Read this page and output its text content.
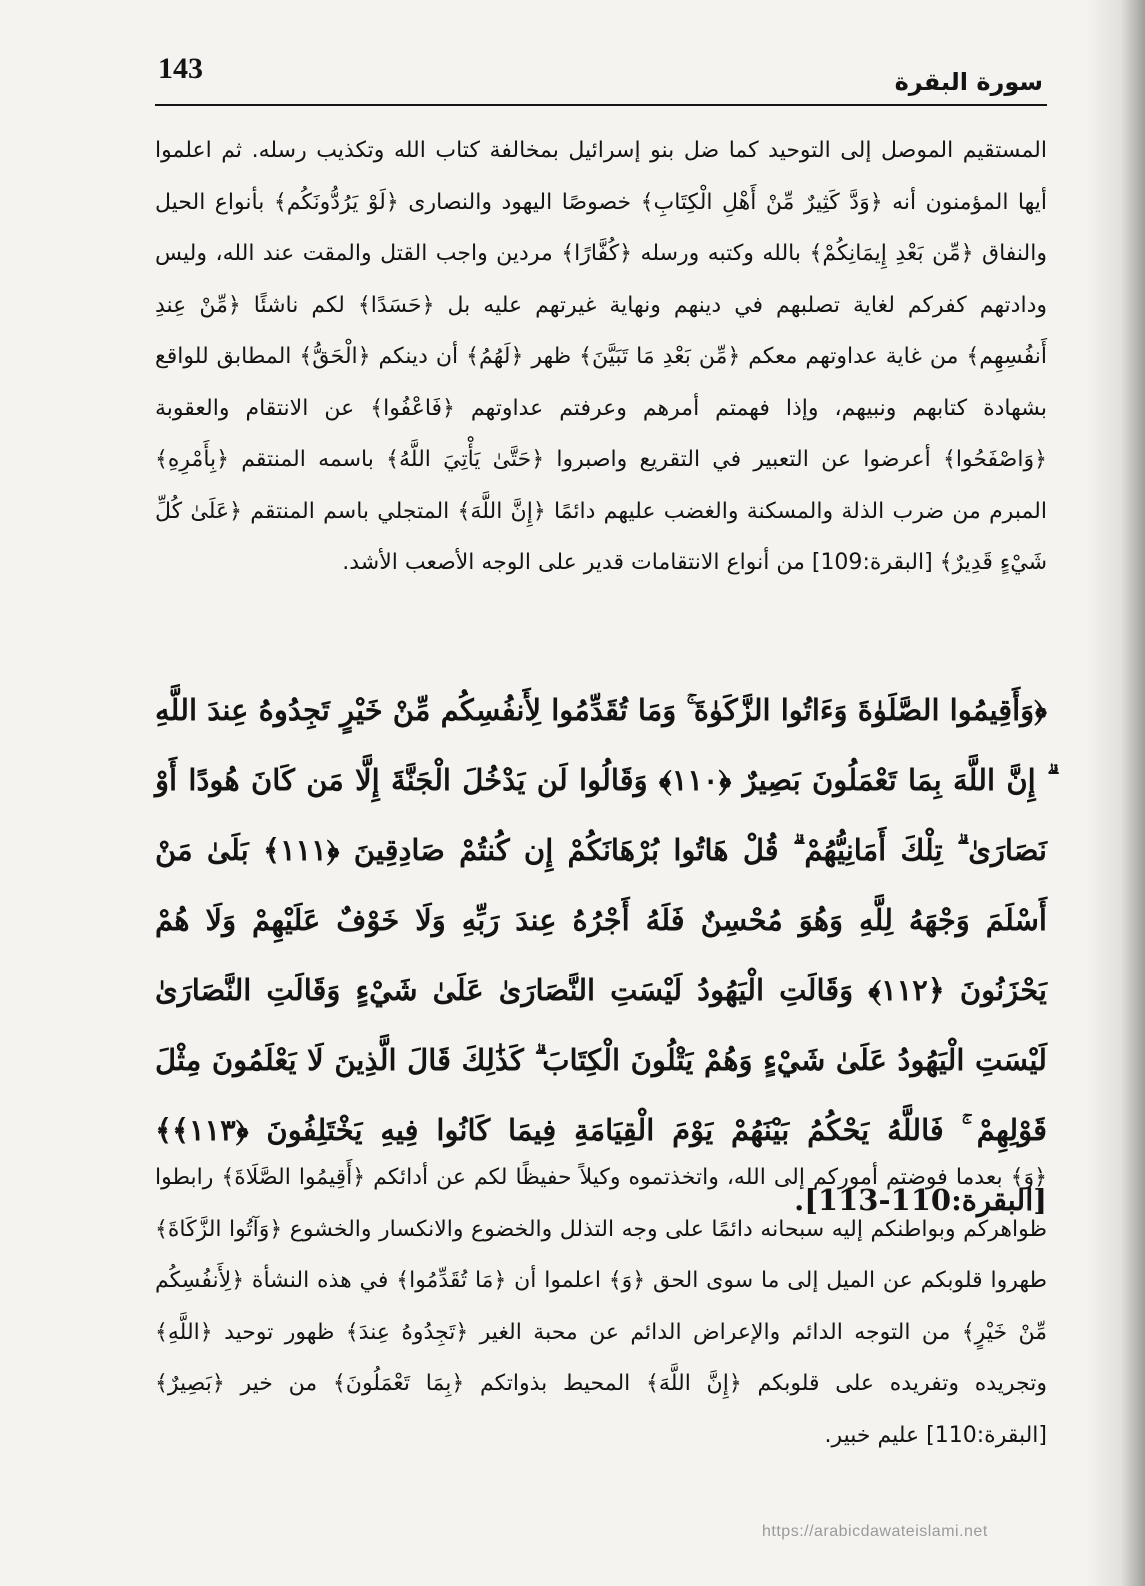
143	سورة البقرة
المستقيم الموصل إلى التوحيد كما ضل بنو إسرائيل بمخالفة كتاب الله وتكذيب رسله. ثم اعلموا أيها المؤمنون أنه ﴿وَدَّ كَثِيرٌ مِّنْ أَهْلِ الْكِتَابِ﴾ خصوصًا اليهود والنصارى ﴿لَوْ يَرُدُّونَكُم﴾ بأنواع الحيل والنفاق ﴿مِّن بَعْدِ إِيمَانِكُمْ﴾ بالله وكتبه ورسله ﴿كُفَّارًا﴾ مردين واجب القتل والمقت عند الله، وليس ودادتهم كفركم لغاية تصلبهم في دينهم ونهاية غيرتهم عليه بل ﴿حَسَدًا﴾ لكم ناشئًا ﴿مِّنْ عِندِ أَنفُسِهِم﴾ من غاية عداوتهم معكم ﴿مِّن بَعْدِ مَا تَبَيَّنَ﴾ ظهر ﴿لَهُمُ﴾ أن دينكم ﴿الْحَقُّ﴾ المطابق للواقع بشهادة كتابهم ونبيهم، وإذا فهمتم أمرهم وعرفتم عداوتهم ﴿فَاعْفُوا﴾ عن الانتقام والعقوبة ﴿وَاصْفَحُوا﴾ أعرضوا عن التعبير في التقريع واصبروا ﴿حَتَّىٰ يَأْتِيَ اللَّهُ﴾ باسمه المنتقم ﴿بِأَمْرِهِ﴾ المبرم من ضرب الذلة والمسكنة والغضب عليهم دائمًا ﴿إِنَّ اللَّهَ﴾ المتجلي باسم المنتقم ﴿عَلَىٰ كُلِّ شَيْءٍ قَدِيرٌ﴾ [البقرة:109] من أنواع الانتقامات قدير على الوجه الأصعب الأشد.
﴿وَأَقِيمُوا الصَّلَوٰةَ وَءَاتُوا الزَّكَوٰةَ ۚ وَمَا تُقَدِّمُوا لِأَنفُسِكُم مِّنْ خَيْرٍ تَجِدُوهُ عِندَ اللَّهِ ۗ إِنَّ اللَّهَ بِمَا تَعْمَلُونَ بَصِيرٌ ﴿١١٠﴾ وَقَالُوا لَن يَدْخُلَ الْجَنَّةَ إِلَّا مَن كَانَ هُودًا أَوْ نَصَارَىٰ ۗ تِلْكَ أَمَانِيُّهُمْ ۗ قُلْ هَاتُوا بُرْهَانَكُمْ إِن كُنتُمْ صَادِقِينَ ﴿١١١﴾ بَلَىٰ مَنْ أَسْلَمَ وَجْهَهُ لِلَّهِ وَهُوَ مُحْسِنٌ فَلَهُ أَجْرُهُ عِندَ رَبِّهِ وَلَا خَوْفٌ عَلَيْهِمْ وَلَا هُمْ يَحْزَنُونَ ﴿١١٢﴾ وَقَالَتِ الْيَهُودُ لَيْسَتِ النَّصَارَىٰ عَلَىٰ شَيْءٍ وَقَالَتِ النَّصَارَىٰ لَيْسَتِ الْيَهُودُ عَلَىٰ شَيْءٍ وَهُمْ يَتْلُونَ الْكِتَابَ ۗ كَذَٰلِكَ قَالَ الَّذِينَ لَا يَعْلَمُونَ مِثْلَ قَوْلِهِمْ ۚ فَاللَّهُ يَحْكُمُ بَيْنَهُمْ يَوْمَ الْقِيَامَةِ فِيمَا كَانُوا فِيهِ يَخْتَلِفُونَ ﴿١١٣﴾﴾ [البقرة:110-113].
﴿وَ﴾ بعدما فوضتم أموركم إلى الله، واتخذتموه وكيلاً حفيظًا لكم عن أدائكم ﴿أَقِيمُوا الصَّلَاةَ﴾ رابطوا ظواهركم وبواطنكم إليه سبحانه دائمًا على وجه التذلل والخضوع والانكسار والخشوع ﴿وَآتُوا الزَّكَاةَ﴾ طهروا قلوبكم عن الميل إلى ما سوى الحق ﴿وَ﴾ اعلموا أن ﴿مَا تُقَدِّمُوا﴾ في هذه النشأة ﴿لِأَنفُسِكُم مِّنْ خَيْرٍ﴾ من التوجه الدائم والإعراض الدائم عن محبة الغير ﴿تَجِدُوهُ عِندَ﴾ ظهور توحيد ﴿اللَّهِ﴾ وتجريده وتفريده على قلوبكم ﴿إِنَّ اللَّهَ﴾ المحيط بذواتكم ﴿بِمَا تَعْمَلُونَ﴾ من خير ﴿بَصِيرٌ﴾ [البقرة:110] عليم خبير.
https://arabicdawateislami.net
